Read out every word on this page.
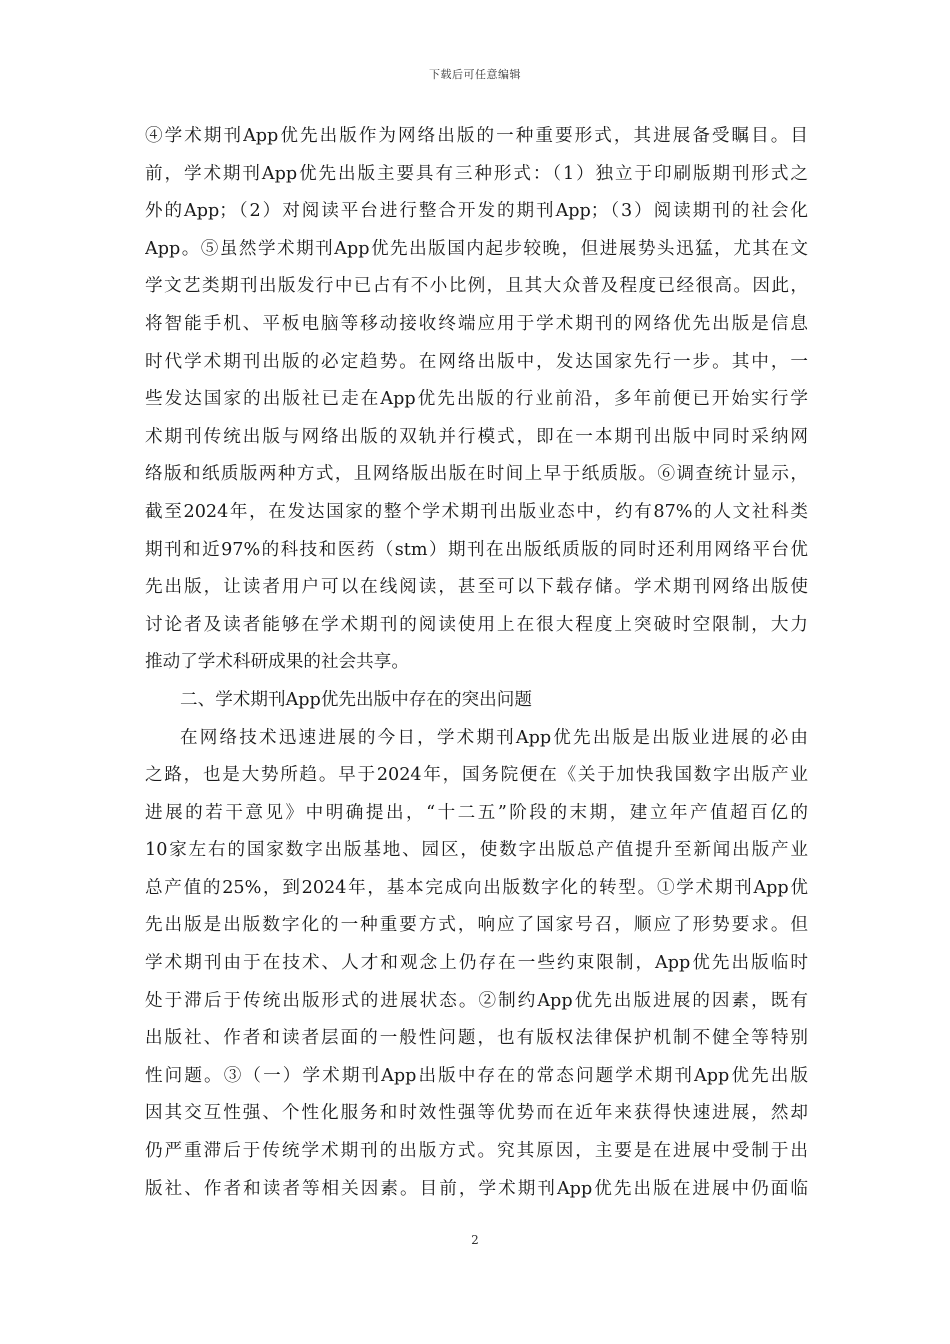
下载后可任意编辑
④学术期刊App优先出版作为网络出版的一种重要形式，其进展备受瞩目。目
前，学术期刊App优先出版主要具有三种形式：（1）独立于印刷版期刊形式之
外的App；（2）对阅读平台进行整合开发的期刊App；（3）阅读期刊的社会化
App。⑤虽然学术期刊App优先出版国内起步较晚，但进展势头迅猛，尤其在文
学文艺类期刊出版发行中已占有不小比例，且其大众普及程度已经很高。因此，
将智能手机、平板电脑等移动接收终端应用于学术期刊的网络优先出版是信息
时代学术期刊出版的必定趋势。在网络出版中，发达国家先行一步。其中，一
些发达国家的出版社已走在App优先出版的行业前沿，多年前便已开始实行学
术期刊传统出版与网络出版的双轨并行模式，即在一本期刊出版中同时采纳网
络版和纸质版两种方式，且网络版出版在时间上早于纸质版。⑥调查统计显示，
截至2024年，在发达国家的整个学术期刊出版业态中，约有87%的人文社科类
期刊和近97%的科技和医药（stm）期刊在出版纸质版的同时还利用网络平台优
先出版，让读者用户可以在线阅读，甚至可以下载存储。学术期刊网络出版使
讨论者及读者能够在学术期刊的阅读使用上在很大程度上突破时空限制，大力
推动了学术科研成果的社会共享。
二、学术期刊App优先出版中存在的突出问题
在网络技术迅速进展的今日，学术期刊App优先出版是出版业进展的必由
之路，也是大势所趋。早于2024年，国务院便在《关于加快我国数字出版产业
进展的若干意见》中明确提出，“十二五”阶段的末期，建立年产值超百亿的
10家左右的国家数字出版基地、园区，使数字出版总产值提升至新闻出版产业
总产值的25%，到2024年，基本完成向出版数字化的转型。①学术期刊App优
先出版是出版数字化的一种重要方式，响应了国家号召，顺应了形势要求。但
学术期刊由于在技术、人才和观念上仍存在一些约束限制，App优先出版临时
处于滞后于传统出版形式的进展状态。②制约App优先出版进展的因素，既有
出版社、作者和读者层面的一般性问题，也有版权法律保护机制不健全等特别
性问题。③（一）学术期刊App出版中存在的常态问题学术期刊App优先出版
因其交互性强、个性化服务和时效性强等优势而在近年来获得快速进展，然却
仍严重滞后于传统学术期刊的出版方式。究其原因，主要是在进展中受制于出
版社、作者和读者等相关因素。目前，学术期刊App优先出版在进展中仍面临
2
